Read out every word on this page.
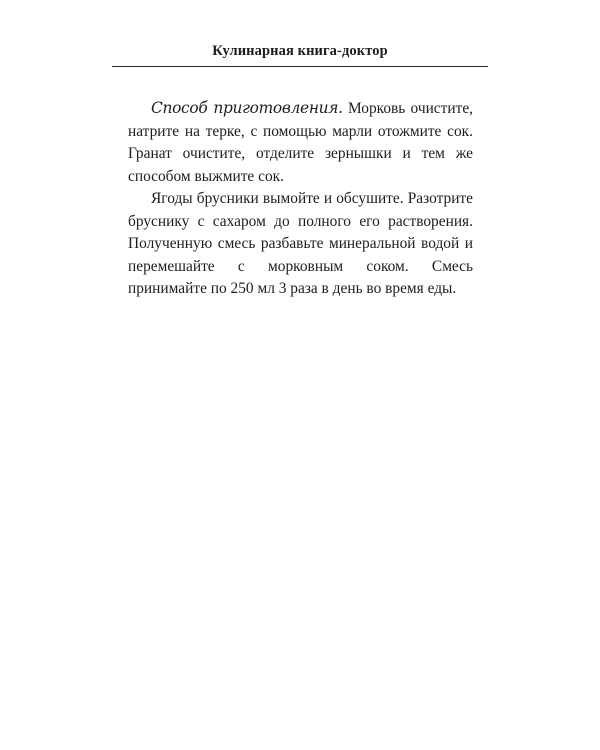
Кулинарная книга-доктор

Способ приготовления. Морковь очистите, натрите на терке, с помощью марли отожмите сок. Гранат очистите, отделите зернышки и тем же способом выжмите сок.

Ягоды брусники вымойте и обсушите. Разотрите бруснику с сахаром до полного его растворения. Полученную смесь разбавьте минеральной водой и перемешайте с морковным соком. Смесь принимайте по 250 мл 3 раза в день во время еды.
